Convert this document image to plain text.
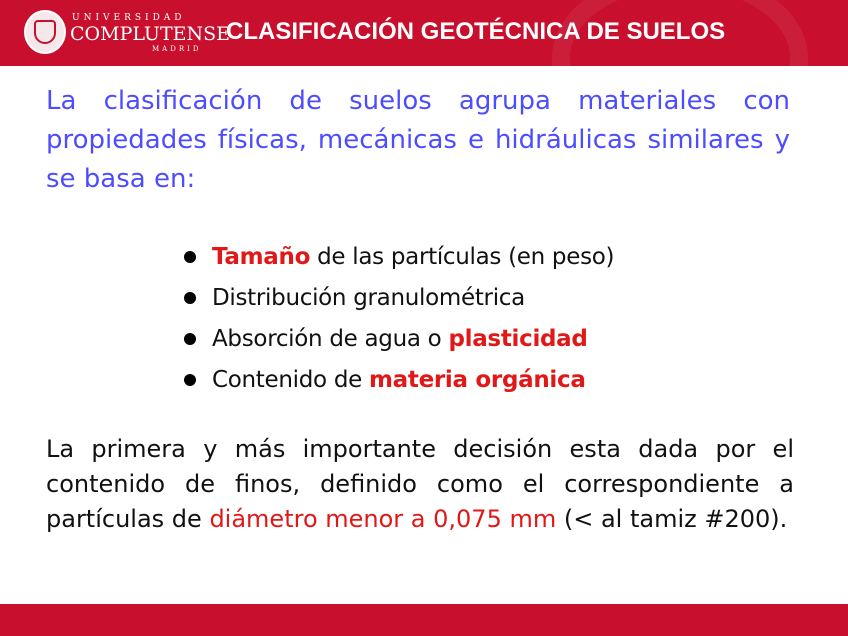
UNIVERSIDAD
COMPLUTENSE
MADRID
CLASIFICACIÓN GEOTÉCNICA DE SUELOS
La clasificación de suelos agrupa materiales con propiedades físicas, mecánicas e hidráulicas similares y se basa en:
Tamaño de las partículas (en peso)
Distribución granulométrica
Absorción de agua o plasticidad
Contenido de materia orgánica
La primera y más importante decisión esta dada por el contenido de finos, definido como el correspondiente a partículas de diámetro menor a 0,075 mm (< al tamiz #200).
